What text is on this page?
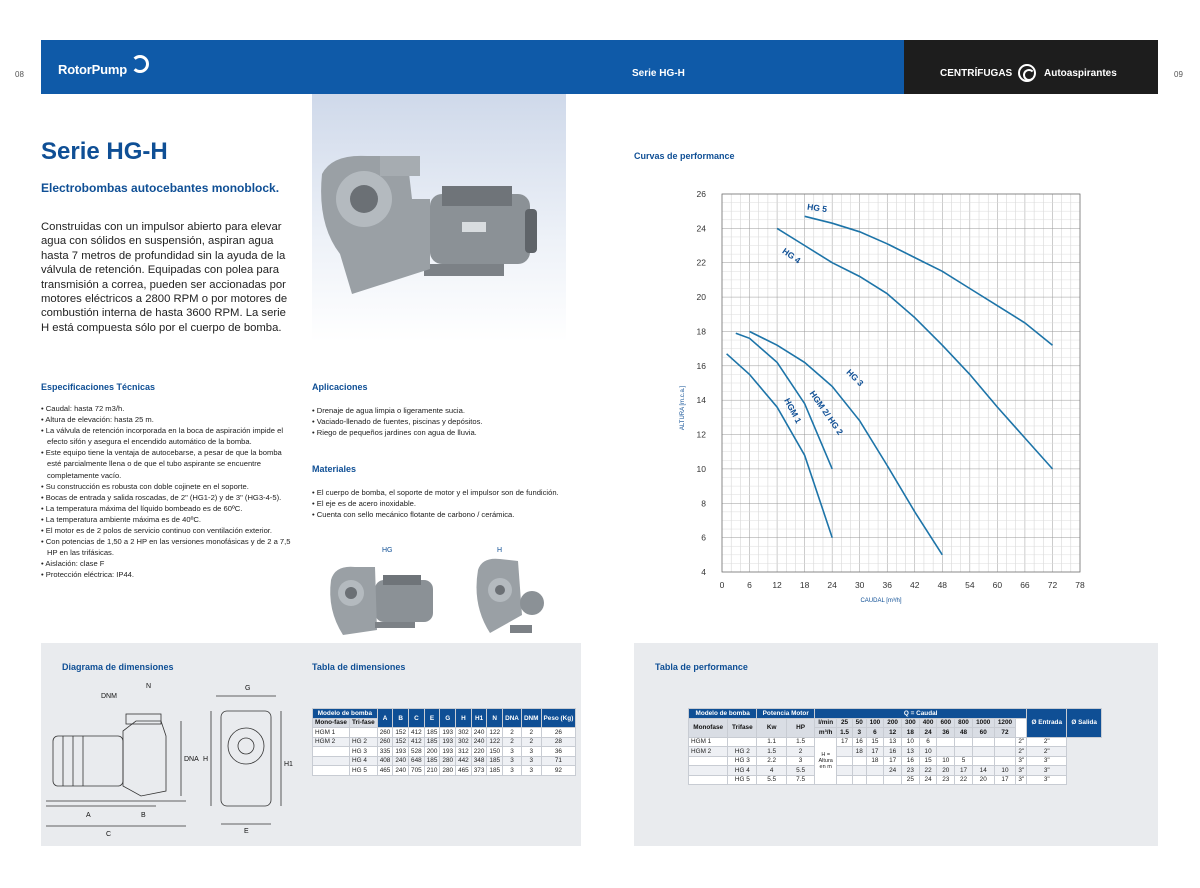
08	09
RotorPump	Serie HG-H	CENTRÍFUGAS	Autoaspirantes
Serie HG-H
Electrobombas autocebantes monoblock.
Construidas con un impulsor abierto para elevar agua con sólidos en suspensión, aspiran agua hasta 7 metros de profundidad sin la ayuda de la válvula de retención. Equipadas con polea para transmisión a correa, pueden ser accionadas por motores eléctricos a 2800 RPM o por motores de combustión interna de hasta 3600 RPM. La serie H está compuesta sólo por el cuerpo de bomba.
Especificaciones Técnicas
• Caudal: hasta 72 m3/h.
• Altura de elevación: hasta 25 m.
• La válvula de retención incorporada en la boca de aspiración impide el efecto sifón y asegura el encendido automático de la bomba.
• Este equipo tiene la ventaja de autocebarse, a pesar de que la bomba esté parcialmente llena o de que el tubo aspirante se encuentre completamente vacío.
• Su construcción es robusta con doble cojinete en el soporte.
• Bocas de entrada y salida roscadas, de 2" (HG1-2) y de 3" (HG3-4-5).
• La temperatura máxima del líquido bombeado es de 60ºC.
• La temperatura ambiente máxima es de 40ºC.
• El motor es de 2 polos de servicio continuo con ventilación exterior.
• Con potencias de 1,50 a 2 HP en las versiones monofásicas y de 2 a 7,5 HP en las trifásicas.
• Aislación: clase F
• Protección eléctrica: IP44.
Aplicaciones
• Drenaje de agua limpia o ligeramente sucia.
• Vaciado-llenado de fuentes, piscinas y depósitos.
• Riego de pequeños jardines con agua de lluvia.
Materiales
• El cuerpo de bomba, el soporte de motor y el impulsor son de fundición.
• El eje es de acero inoxidable.
• Cuenta con sello mecánico flotante de carbono / cerámica.
HG	H
Curvas de performance
0	6 12 18 24 30 36 42 48 54 60 66 72 78
4
6
8
10
12
14
16
18
20
22
24
26
CAUDAL [m³/h]
ALTURA [m.c.a.]	HGM 1 HGM 2/ HG 2
HG 3
HG 4
HG 5
Diagrama de dimensiones	Tabla de dimensiones	Tabla de performance
DNM
N
DNA H
H1
G
A	B
C	E
Modelo de bomba		A	B	C	E	G	H	H1	N	DNA	DNM	Peso (Kg)
Mono-fase	Tri-fase											
HGM 1		260	152	412	185	193	302	240	122	2	2	26
HGM 2	HG 2	260	152	412	185	193	302	240	122	2	2	28
	HG 3	335	193	528	200	193	312	220	150	3	3	36
	HG 4	408	240	648	185	280	442	348	185	3	3	71
	HG 5	465	240	705	210	280	465	373	185	3	3	92
Modelo de bomba		Potencia Motor		Q = Caudal												Ø Entrada	Ø Salida
Monofase	Trifase	Kw	HP	l/min	25	50	100	200	300	400	600	800	1000	1200			
				m³/h	1.5	3	6	12	18	24	36	48	60	72			
HGM 1		1.1	1.5	H = Altura en m	17	16	15	13	10	6					2"	2"	
HGM 2	HG 2	1.5	2			18	17	16	13	10					2"	2"	
	HG 3	2.2	3				18	17	16	15	10	5			3"	3"	
	HG 4	4	5.5					24	23	22	20	17	14	10	3"	3"	
	HG 5	5.5	7.5						25	24	23	22	20	17	3"	3"	
